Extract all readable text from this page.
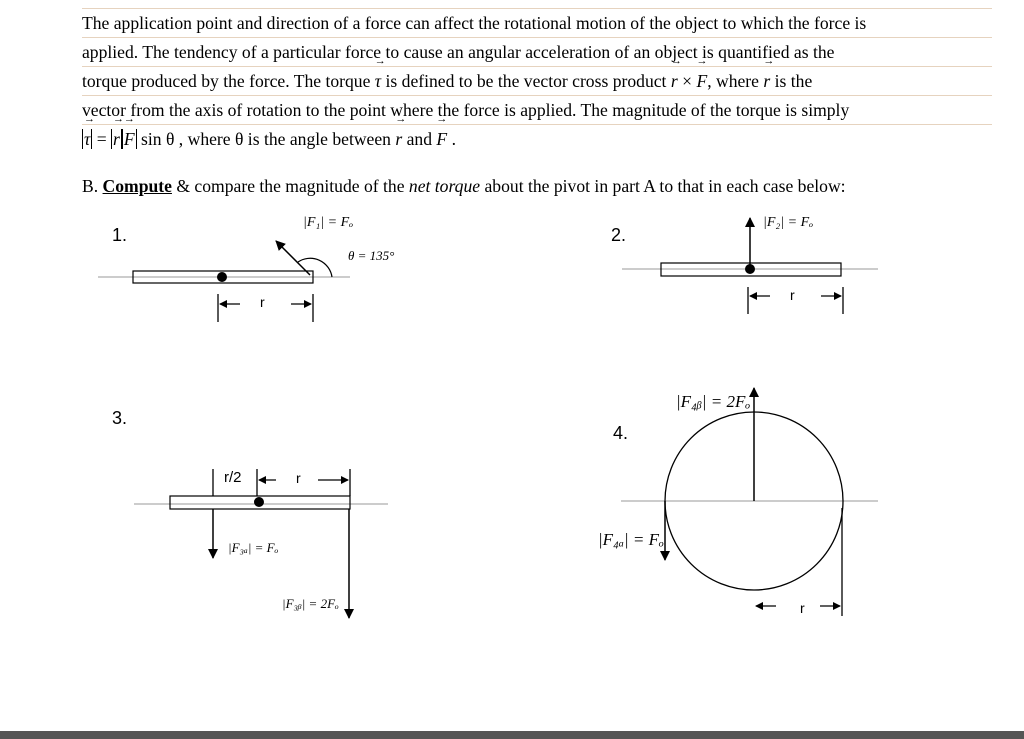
The application point and direction of a force can affect the rotational motion of the object to which the force is
applied. The tendency of a particular force to cause an angular acceleration of an object is quantified as the
torque produced by the force. The torque → τ is defined to be the vector cross product → r × → F, where → r is the
vector from the axis of rotation to the point where the force is applied. The magnitude of the torque is simply
→ τ = → r→ F sin θ , where θ is the angle between → r and → F .
B. Compute & compare the magnitude of the net torque about the pivot in part A to that in each case below:
1.	2.
3.
4.
|F₁| = Fₒ
θ = 135°
r
|F₂| = Fₒ
r
r/2	r
|F₃ₐ| = Fₒ
|F₃ᵦ| = 2Fₒ
|F₄ᵦ| = 2Fₒ
|F₄ₐ| = Fₒ
r
